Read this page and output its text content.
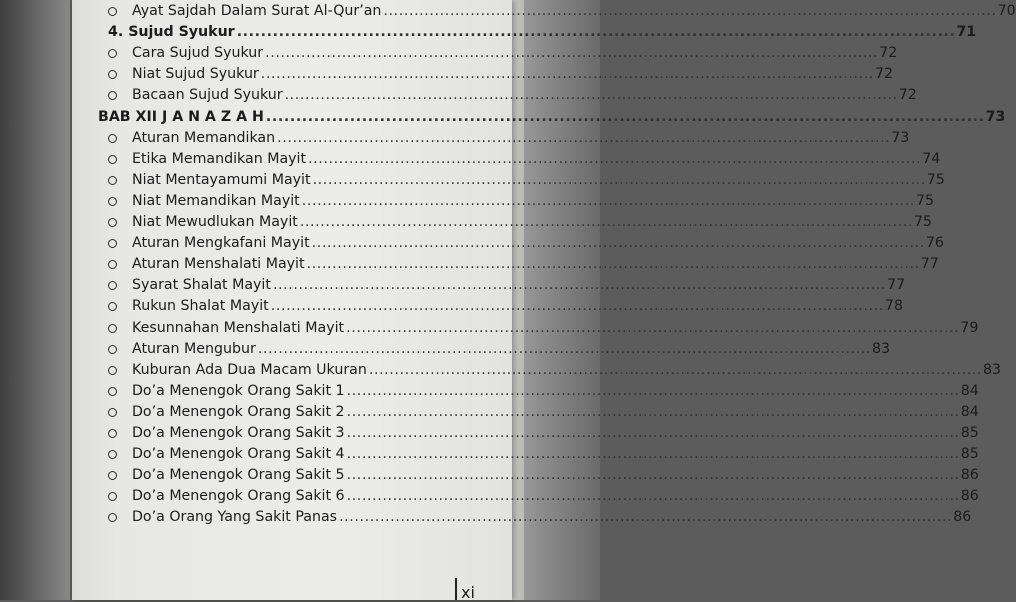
Ayat Sajdah Dalam Surat Al-Qur’an ........................................................................................................................ 70
4. Sujud Syukur ........................................................................................................................ 71
Cara Sujud Syukur ........................................................................................................................ 72
Niat Sujud Syukur ........................................................................................................................ 72
Bacaan Sujud Syukur ........................................................................................................................ 72
BAB XII J A N A Z A H ........................................................................................................................ 73
Aturan Memandikan ........................................................................................................................ 73
Etika Memandikan Mayit ........................................................................................................................ 74
Niat Mentayamumi Mayit ........................................................................................................................ 75
Niat Memandikan Mayit ........................................................................................................................ 75
Niat Mewudlukan Mayit ........................................................................................................................ 75
Aturan Mengkafani Mayit ........................................................................................................................ 76
Aturan Menshalati Mayit ........................................................................................................................ 77
Syarat Shalat Mayit ........................................................................................................................ 77
Rukun Shalat Mayit ........................................................................................................................ 78
Kesunnahan Menshalati Mayit ........................................................................................................................ 79
Aturan Mengubur ........................................................................................................................ 83
Kuburan Ada Dua Macam Ukuran ........................................................................................................................ 83
Do’a Menengok Orang Sakit 1 ........................................................................................................................ 84
Do’a Menengok Orang Sakit 2 ........................................................................................................................ 84
Do’a Menengok Orang Sakit 3 ........................................................................................................................ 85
Do’a Menengok Orang Sakit 4 ........................................................................................................................ 85
Do’a Menengok Orang Sakit 5 ........................................................................................................................ 86
Do’a Menengok Orang Sakit 6 ........................................................................................................................ 86
Do’a Orang Yang Sakit Panas ........................................................................................................................ 86
xi
